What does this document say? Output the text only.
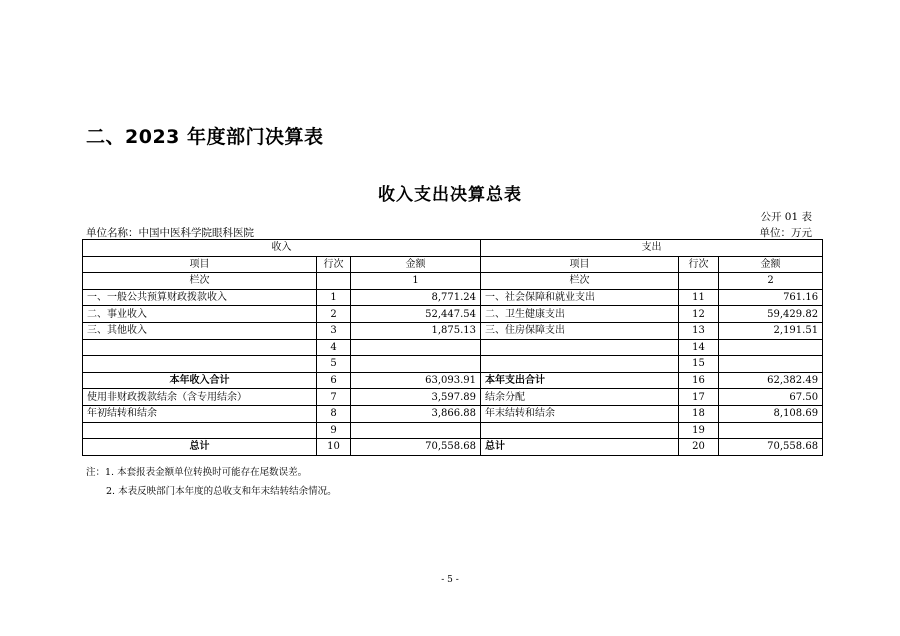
二、2023 年度部门决算表
收入支出决算总表
公开 01 表
单位名称：中国中医科学院眼科医院	单位：万元
收入			支出		
项目	行次	金额	项目	行次	金额
栏次		1	栏次		2
一、一般公共预算财政拨款收入	1	8,771.24	一、社会保障和就业支出	11	761.16
二、事业收入	2	52,447.54	二、卫生健康支出	12	59,429.82
三、其他收入	3	1,875.13	三、住房保障支出	13	2,191.51
	4			14	
	5			15	
本年收入合计	6	63,093.91	本年支出合计	16	62,382.49
使用非财政拨款结余（含专用结余）	7	3,597.89	结余分配	17	67.50
年初结转和结余	8	3,866.88	年末结转和结余	18	8,108.69
	9			19	
总计	10	70,558.68	总计	20	70,558.68
注：1. 本套报表金额单位转换时可能存在尾数误差。
2. 本表反映部门本年度的总收支和年末结转结余情况。
- 5 -
